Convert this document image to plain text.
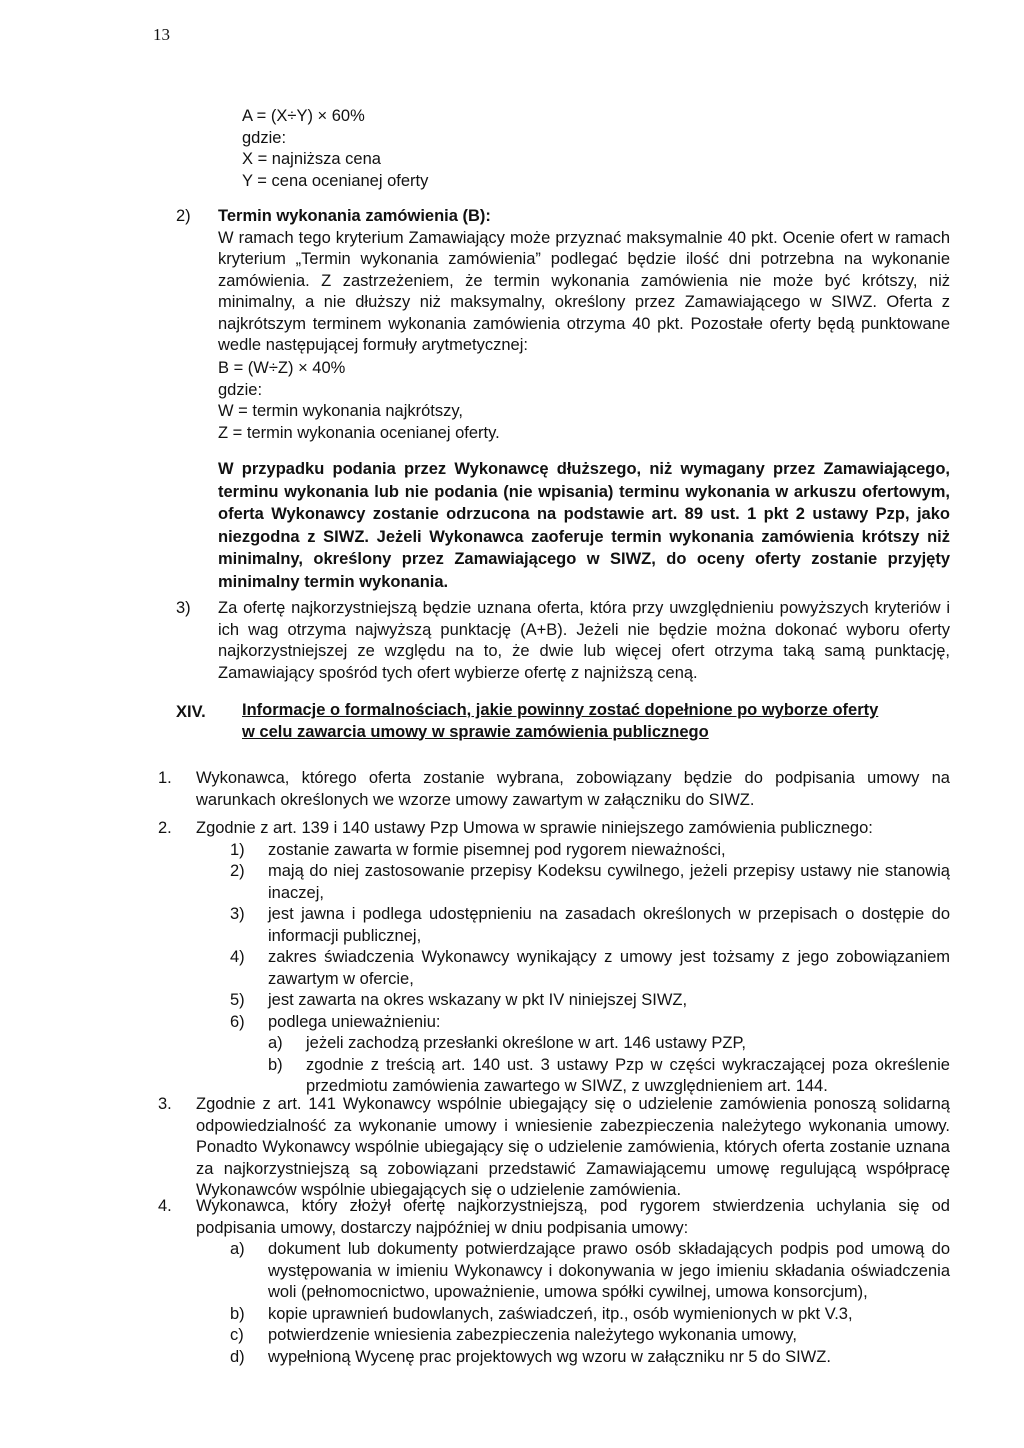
13
A = (X÷Y) × 60%
gdzie:
X = najniższa cena
Y = cena ocenianej oferty
2) Termin wykonania zamówienia (B):
W ramach tego kryterium Zamawiający może przyznać maksymalnie 40 pkt. Ocenie ofert w ramach kryterium „Termin wykonania zamówienia” podlegać będzie ilość dni potrzebna na wykonanie zamówienia. Z zastrzeżeniem, że termin wykonania zamówienia nie może być krótszy, niż minimalny, a nie dłuższy niż maksymalny, określony przez Zamawiającego w SIWZ. Oferta z najkrótszym terminem wykonania zamówienia otrzyma 40 pkt. Pozostałe oferty będą punktowane wedle następującej formuły arytmetycznej:
B = (W÷Z) × 40%
gdzie:
W = termin wykonania najkrótszy,
Z = termin wykonania ocenianej oferty.
W przypadku podania przez Wykonawcę dłuższego, niż wymagany przez Zamawiającego, terminu wykonania lub nie podania (nie wpisania) terminu wykonania w arkuszu ofertowym, oferta Wykonawcy zostanie odrzucona na podstawie art. 89 ust. 1 pkt 2 ustawy Pzp, jako niezgodna z SIWZ. Jeżeli Wykonawca zaoferuje termin wykonania zamówienia krótszy niż minimalny, określony przez Zamawiającego w SIWZ, do oceny oferty zostanie przyjęty minimalny termin wykonania.
3) Za ofertę najkorzystniejszą będzie uznana oferta, która przy uwzględnieniu powyższych kryteriów i ich wag otrzyma najwyższą punktację (A+B). Jeżeli nie będzie można dokonać wyboru oferty najkorzystniejszej ze względu na to, że dwie lub więcej ofert otrzyma taką samą punktację, Zamawiający spośród tych ofert wybierze ofertę z najniższą ceną.
XIV. Informacje o formalnościach, jakie powinny zostać dopełnione po wyborze oferty
w celu zawarcia umowy w sprawie zamówienia publicznego
1. Wykonawca, którego oferta zostanie wybrana, zobowiązany będzie do podpisania umowy na warunkach określonych we wzorze umowy zawartym w załączniku do SIWZ.
2. Zgodnie z art. 139 i 140 ustawy Pzp Umowa w sprawie niniejszego zamówienia publicznego:
1) zostanie zawarta w formie pisemnej pod rygorem nieważności,
2) mają do niej zastosowanie przepisy Kodeksu cywilnego, jeżeli przepisy ustawy nie stanowią inaczej,
3) jest jawna i podlega udostępnieniu na zasadach określonych w przepisach o dostępie do informacji publicznej,
4) zakres świadczenia Wykonawcy wynikający z umowy jest tożsamy z jego zobowiązaniem zawartym w ofercie,
5) jest zawarta na okres wskazany w pkt IV niniejszej SIWZ,
6) podlega unieważnieniu:
a) jeżeli zachodzą przesłanki określone w art. 146 ustawy PZP,
b) zgodnie z treścią art. 140 ust. 3 ustawy Pzp w części wykraczającej poza określenie przedmiotu zamówienia zawartego w SIWZ, z uwzględnieniem art. 144.
3. Zgodnie z art. 141 Wykonawcy wspólnie ubiegający się o udzielenie zamówienia ponoszą solidarną odpowiedzialność za wykonanie umowy i wniesienie zabezpieczenia należytego wykonania umowy. Ponadto Wykonawcy wspólnie ubiegający się o udzielenie zamówienia, których oferta zostanie uznana za najkorzystniejszą są zobowiązani przedstawić Zamawiającemu umowę regulującą współpracę Wykonawców wspólnie ubiegających się o udzielenie zamówienia.
4. Wykonawca, który złożył ofertę najkorzystniejszą, pod rygorem stwierdzenia uchylania się od podpisania umowy, dostarczy najpóźniej w dniu podpisania umowy:
a) dokument lub dokumenty potwierdzające prawo osób składających podpis pod umową do występowania w imieniu Wykonawcy i dokonywania w jego imieniu składania oświadczenia woli (pełnomocnictwo, upoważnienie, umowa spółki cywilnej, umowa konsorcjum),
b) kopie uprawnień budowlanych, zaświadczeń, itp., osób wymienionych w pkt V.3,
c) potwierdzenie wniesienia zabezpieczenia należytego wykonania umowy,
d) wypełnioną Wycenę prac projektowych wg wzoru w załączniku nr 5 do SIWZ.
